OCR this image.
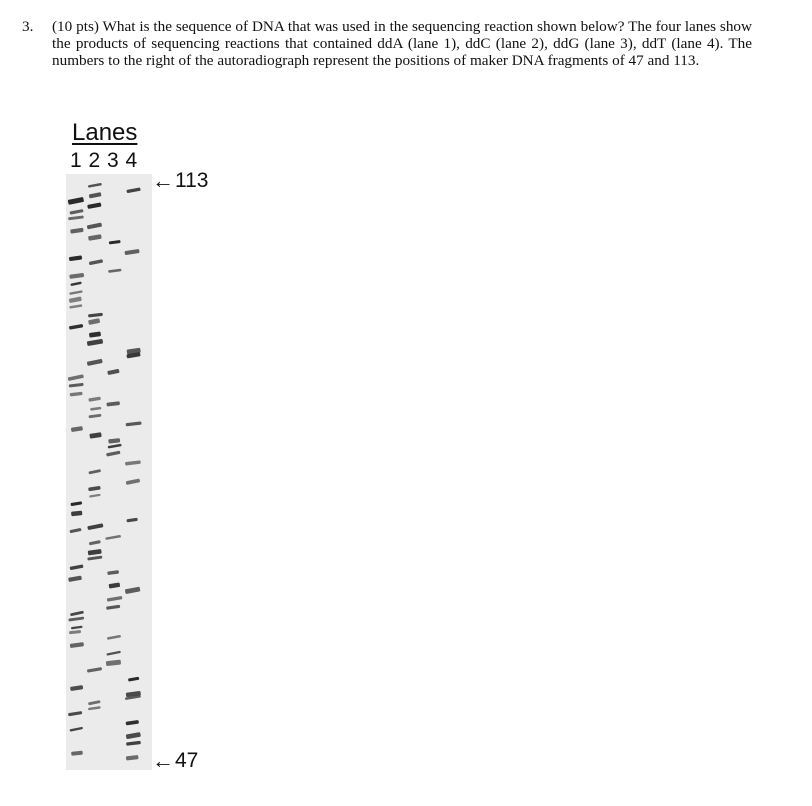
3. (10 pts) What is the sequence of DNA that was used in the sequencing reaction shown below? The four lanes show the products of sequencing reactions that contained ddA (lane 1), ddC (lane 2), ddG (lane 3), ddT (lane 4). The numbers to the right of the autoradiograph represent the positions of maker DNA fragments of 47 and 113.
Lanes
1 2 3 4
← 113
← 47
